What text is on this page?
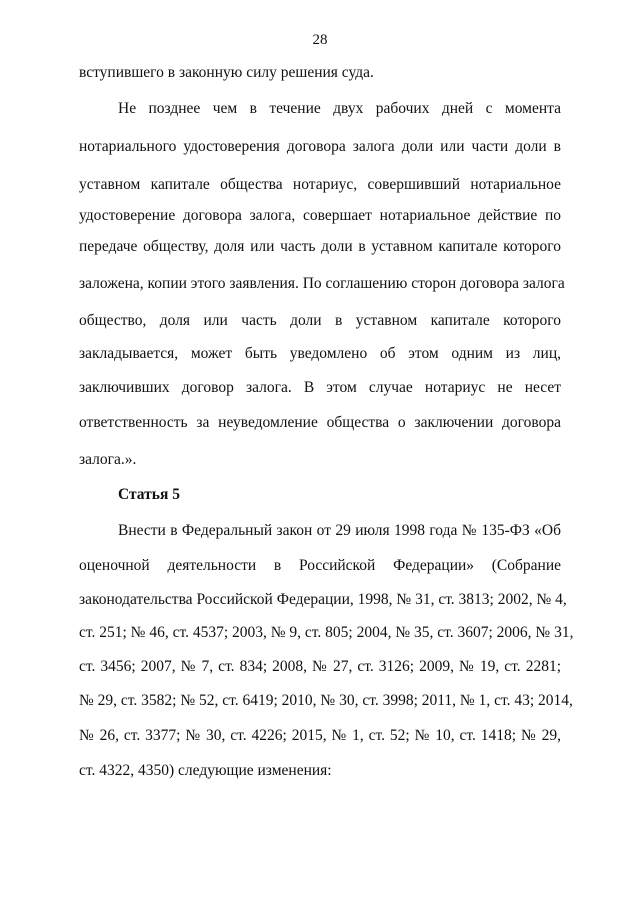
28
вступившего в законную силу решения суда.
Не позднее чем в течение двух рабочих дней с момента
нотариального удостоверения договора залога доли или части доли в
уставном капитале общества нотариус, совершивший нотариальное
удостоверение договора залога, совершает нотариальное действие по
передаче обществу, доля или часть доли в уставном капитале которого
заложена, копии этого заявления. По соглашению сторон договора залога
общество, доля или часть доли в уставном капитале которого
закладывается, может быть уведомлено об этом одним из лиц,
заключивших договор залога. В этом случае нотариус не несет
ответственность за неуведомление общества о заключении договора
залога.».
Статья 5
Внести в Федеральный закон от 29 июля 1998 года № 135-ФЗ «Об
оценочной деятельности в Российской Федерации» (Собрание
законодательства Российской Федерации, 1998, № 31, ст. 3813; 2002, № 4,
ст. 251; № 46, ст. 4537; 2003, № 9, ст. 805; 2004, № 35, ст. 3607; 2006, № 31,
ст. 3456; 2007, № 7, ст. 834; 2008, № 27, ст. 3126; 2009, № 19, ст. 2281;
№ 29, ст. 3582; № 52, ст. 6419; 2010, № 30, ст. 3998; 2011, № 1, ст. 43; 2014,
№ 26, ст. 3377; № 30, ст. 4226; 2015, № 1, ст. 52; № 10, ст. 1418; № 29,
ст. 4322, 4350) следующие изменения:
